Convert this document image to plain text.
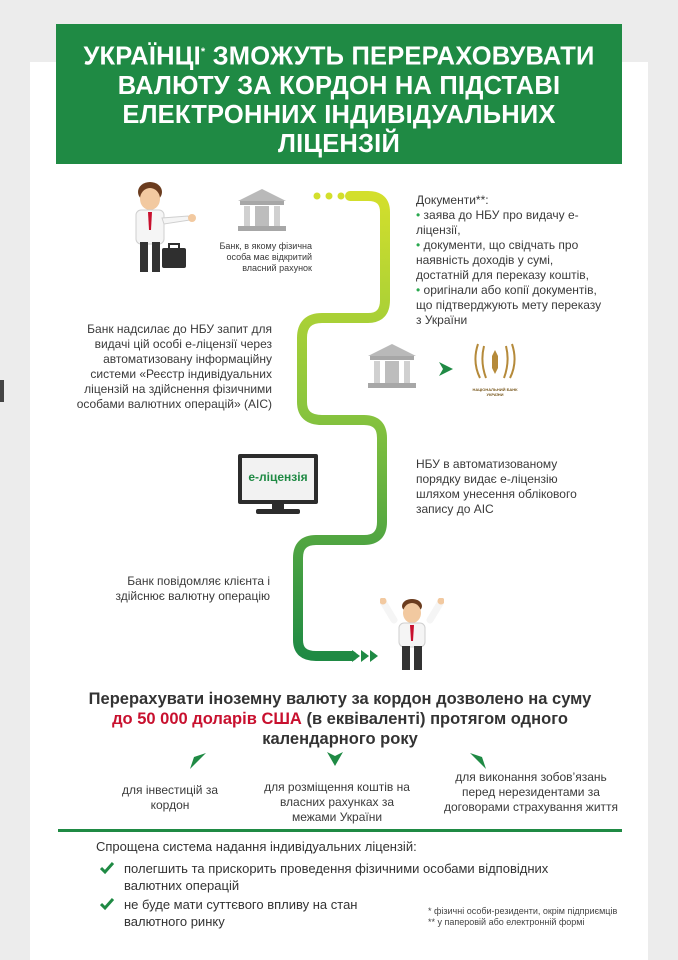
УКРАЇНЦІ* ЗМОЖУТЬ ПЕРЕРАХОВУВАТИ ВАЛЮТУ ЗА КОРДОН НА ПІДСТАВІ ЕЛЕКТРОННИХ ІНДИВІДУАЛЬНИХ ЛІЦЕНЗІЙ
Банк, в якому фізична особа має відкритий власний рахунок
Документи**:
• заява до НБУ про видачу е-ліцензії,
• документи, що свідчать про наявність доходів у сумі, достатній для переказу коштів,
• оригінали або копії документів, що підтверджують мету переказу з України
Банк надсилає до НБУ запит для видачі цій особі е-ліцензії через автоматизовану інформаційну системи «Реєстр індивідуальних ліцензій на здійснення фізичними особами валютних операцій» (АІС)
НАЦІОНАЛЬНИЙ БАНК УКРАЇНИ
е-ліцензія
НБУ в автоматизованому порядку видає е-ліцензію шляхом унесення облікового запису до АІС
Банк повідомляє клієнта і здійснює валютну операцію
Перерахувати іноземну валюту за кордон дозволено на суму
до 50 000 доларів США (в еквіваленті) протягом одного календарного року
для інвестицій за кордон
для розміщення коштів на власних рахунках за межами України
для виконання зобов’язань перед нерезидентами за договорами страхування життя
Спрощена система надання індивідуальних ліцензій:
полегшить та прискорить проведення фізичними особами відповідних валютних операцій
не буде мати суттєвого впливу на стан валютного ринку
* фізичні особи-резиденти, окрім підприємців
** у паперовій або електронній формі
